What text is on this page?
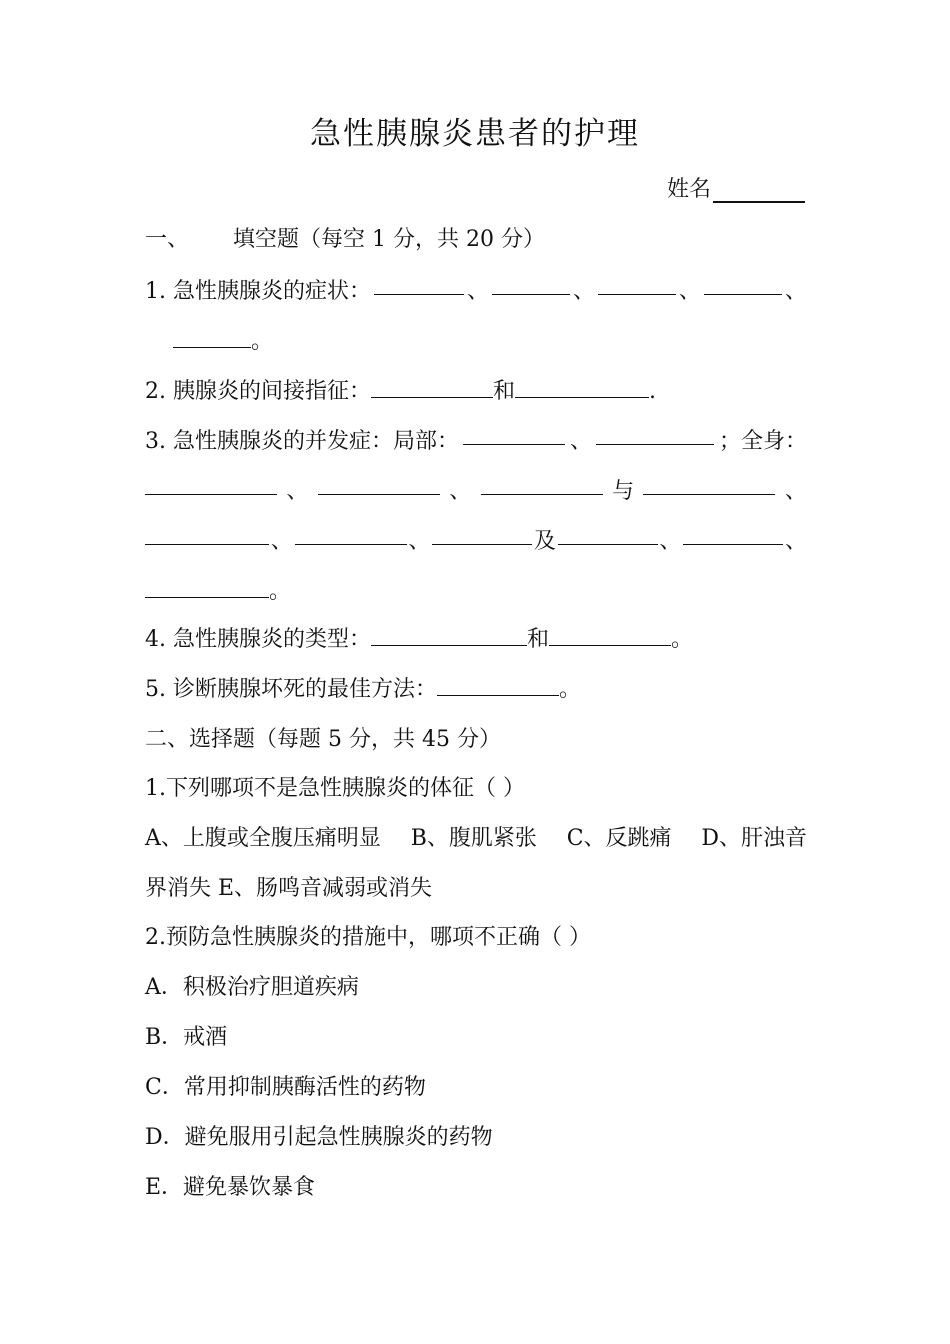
急性胰腺炎患者的护理
姓名
一、 填空题（每空 1 分，共 20 分）
1. 急性胰腺炎的症状：	、	、	、	、
。
2. 胰腺炎的间接指征：	和	.
3. 急性胰腺炎的并发症：局部：	、	；全身：
、	、	与	、
、	、	及	、	、
。
4. 急性胰腺炎的类型：	和	。
5. 诊断胰腺坏死的最佳方法：	。
二、选择题（每题 5 分，共 45 分）
1.下列哪项不是急性胰腺炎的体征（ ）
A、上腹或全腹压痛明显 B、腹肌紧张 C、反跳痛 D、肝浊音
界消失 E、肠鸣音减弱或消失
2.预防急性胰腺炎的措施中，哪项不正确（ ）
A．积极治疗胆道疾病
B．戒酒
C．常用抑制胰酶活性的药物
D．避免服用引起急性胰腺炎的药物
E．避免暴饮暴食
